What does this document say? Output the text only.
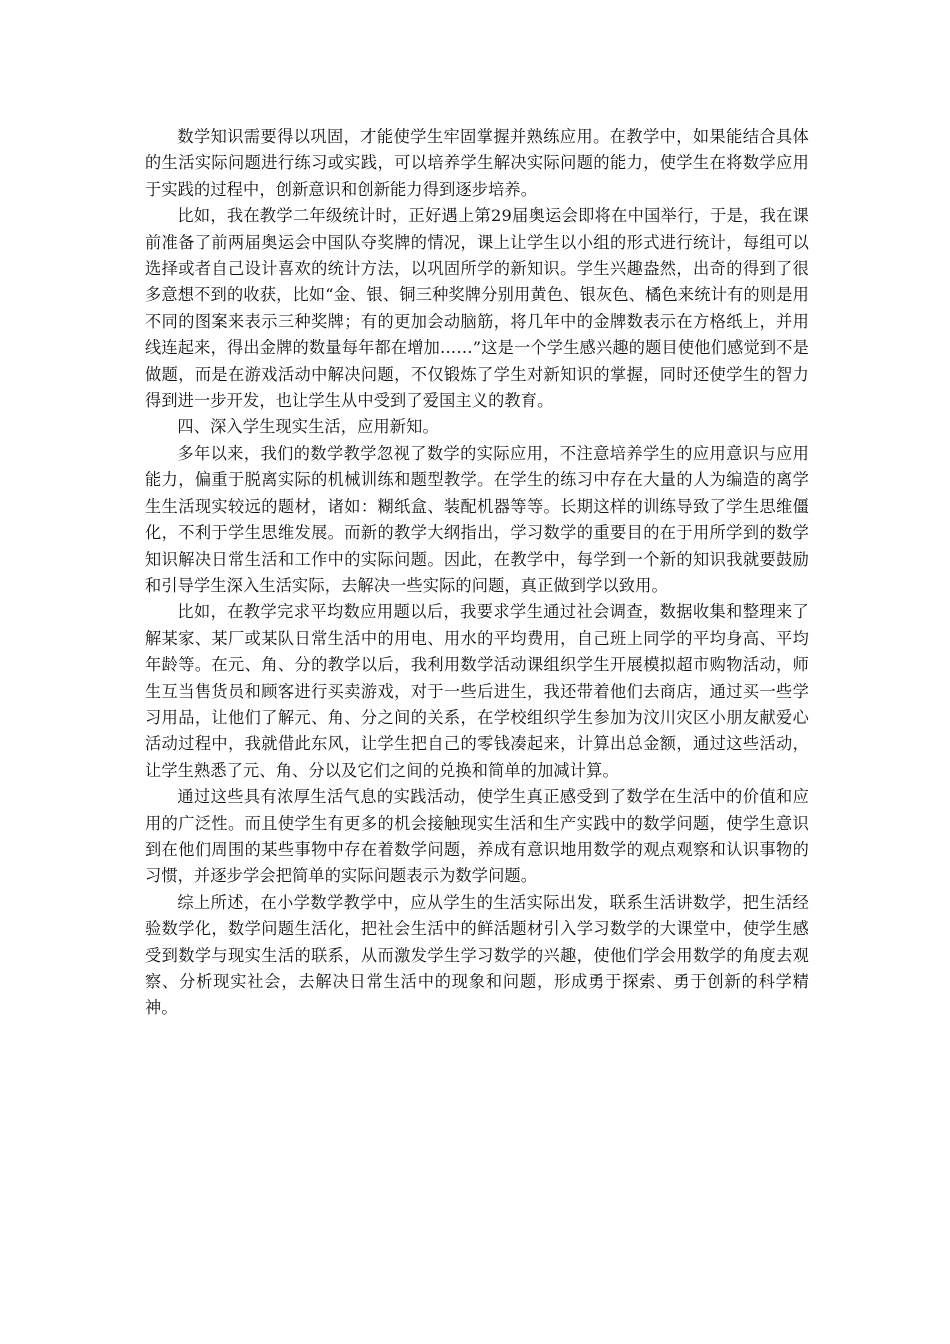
数学知识需要得以巩固，才能使学生牢固掌握并熟练应用。在教学中，如果能结合具体的生活实际问题进行练习或实践，可以培养学生解决实际问题的能力，使学生在将数学应用于实践的过程中，创新意识和创新能力得到逐步培养。

比如，我在教学二年级统计时，正好遇上第29届奥运会即将在中国举行，于是，我在课前准备了前两届奥运会中国队夺奖牌的情况，课上让学生以小组的形式进行统计，每组可以选择或者自己设计喜欢的统计方法，以巩固所学的新知识。学生兴趣盎然，出奇的得到了很多意想不到的收获，比如“金、银、铜三种奖牌分别用黄色、银灰色、橘色来统计有的则是用不同的图案来表示三种奖牌；有的更加会动脑筋，将几年中的金牌数表示在方格纸上，并用线连起来，得出金牌的数量每年都在增加……”这是一个学生感兴趣的题目使他们感觉到不是做题，而是在游戏活动中解决问题，不仅锻炼了学生对新知识的掌握，同时还使学生的智力得到进一步开发，也让学生从中受到了爱国主义的教育。

四、深入学生现实生活，应用新知。

多年以来，我们的数学教学忽视了数学的实际应用，不注意培养学生的应用意识与应用能力，偏重于脱离实际的机械训练和题型教学。在学生的练习中存在大量的人为编造的离学生生活现实较远的题材，诸如：糊纸盒、装配机器等等。长期这样的训练导致了学生思维僵化，不利于学生思维发展。而新的教学大纲指出，学习数学的重要目的在于用所学到的数学知识解决日常生活和工作中的实际问题。因此，在教学中，每学到一个新的知识我就要鼓励和引导学生深入生活实际，去解决一些实际的问题，真正做到学以致用。

比如，在教学完求平均数应用题以后，我要求学生通过社会调查，数据收集和整理来了解某家、某厂或某队日常生活中的用电、用水的平均费用，自己班上同学的平均身高、平均年龄等。在元、角、分的教学以后，我利用数学活动课组织学生开展模拟超市购物活动，师生互当售货员和顾客进行买卖游戏，对于一些后进生，我还带着他们去商店，通过买一些学习用品，让他们了解元、角、分之间的关系，在学校组织学生参加为汶川灾区小朋友献爱心活动过程中，我就借此东风，让学生把自己的零钱凑起来，计算出总金额，通过这些活动，让学生熟悉了元、角、分以及它们之间的兑换和简单的加减计算。

通过这些具有浓厚生活气息的实践活动，使学生真正感受到了数学在生活中的价值和应用的广泛性。而且使学生有更多的机会接触现实生活和生产实践中的数学问题，使学生意识到在他们周围的某些事物中存在着数学问题，养成有意识地用数学的观点观察和认识事物的习惯，并逐步学会把简单的实际问题表示为数学问题。

综上所述，在小学数学教学中，应从学生的生活实际出发，联系生活讲数学，把生活经验数学化，数学问题生活化，把社会生活中的鲜活题材引入学习数学的大课堂中，使学生感受到数学与现实生活的联系，从而激发学生学习数学的兴趣，使他们学会用数学的角度去观察、分析现实社会，去解决日常生活中的现象和问题，形成勇于探索、勇于创新的科学精神。
